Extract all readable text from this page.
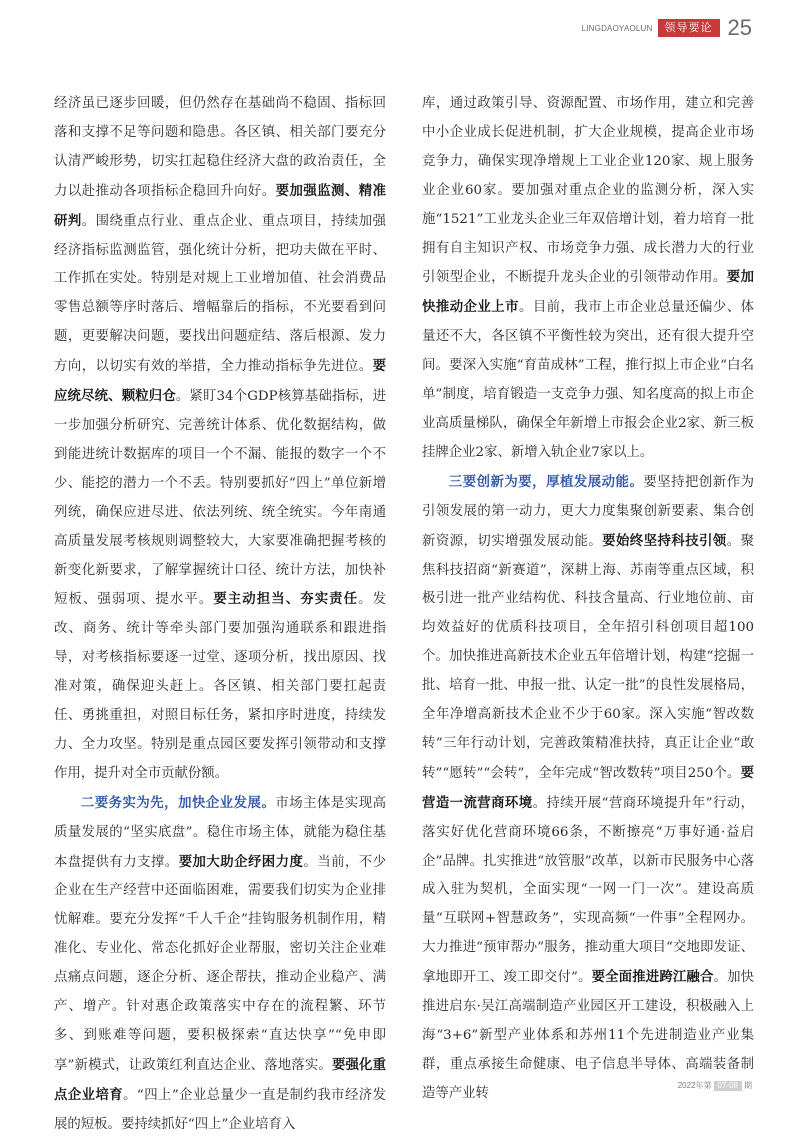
LINGDAOYAOLUN	领导要论 25

经济虽已逐步回暖，但仍然存在基础尚不稳固、指标回落和支撑不足等问题和隐患。各区镇、相关部门要充分认清严峻形势，切实扛起稳住经济大盘的政治责任，全力以赴推动各项指标企稳回升向好。要加强监测、精准研判。围绕重点行业、重点企业、重点项目，持续加强经济指标监测监管，强化统计分析，把功夫做在平时、工作抓在实处。特别是对规上工业增加值、社会消费品零售总额等序时落后、增幅靠后的指标，不光要看到问题，更要解决问题，要找出问题症结、落后根源、发力方向，以切实有效的举措，全力推动指标争先进位。要应统尽统、颗粒归仓。紧盯34个GDP核算基础指标，进一步加强分析研究、完善统计体系、优化数据结构，做到能进统计数据库的项目一个不漏、能报的数字一个不少、能挖的潜力一个不丢。特别要抓好“四上”单位新增列统，确保应进尽进、依法列统、统全统实。今年南通高质量发展考核规则调整较大，大家要准确把握考核的新变化新要求，了解掌握统计口径、统计方法，加快补短板、强弱项、提水平。要主动担当、夯实责任。发改、商务、统计等牵头部门要加强沟通联系和跟进指导，对考核指标要逐一过堂、逐项分析，找出原因、找准对策，确保迎头赶上。各区镇、相关部门要扛起责任、勇挑重担，对照目标任务，紧扣序时进度，持续发力、全力攻坚。特别是重点园区要发挥引领带动和支撑作用，提升对全市贡献份额。

二要务实为先，加快企业发展。市场主体是实现高质量发展的“坚实底盘”。稳住市场主体，就能为稳住基本盘提供有力支撑。要加大助企纾困力度。当前，不少企业在生产经营中还面临困难，需要我们切实为企业排忧解难。要充分发挥“千人千企”挂钩服务机制作用，精准化、专业化、常态化抓好企业帮服，密切关注企业难点痛点问题，逐企分析、逐企帮扶，推动企业稳产、满产、增产。针对惠企政策落实中存在的流程繁、环节多、到账难等问题，要积极探索“直达快享”“免申即享”新模式，让政策红利直达企业、落地落实。要强化重点企业培育。“四上”企业总量少一直是制约我市经济发展的短板。要持续抓好“四上”企业培育入

库，通过政策引导、资源配置、市场作用，建立和完善中小企业成长促进机制，扩大企业规模，提高企业市场竞争力，确保实现净增规上工业企业120家、规上服务业企业60家。要加强对重点企业的监测分析，深入实施“1521”工业龙头企业三年双倍增计划，着力培育一批拥有自主知识产权、市场竞争力强、成长潜力大的行业引领型企业，不断提升龙头企业的引领带动作用。要加快推动企业上市。目前，我市上市企业总量还偏少、体量还不大，各区镇不平衡性较为突出，还有很大提升空间。要深入实施“育苗成林”工程，推行拟上市企业“白名单”制度，培育锻造一支竞争力强、知名度高的拟上市企业高质量梯队，确保全年新增上市报会企业2家、新三板挂牌企业2家、新增入轨企业7家以上。

三要创新为要，厚植发展动能。要坚持把创新作为引领发展的第一动力，更大力度集聚创新要素、集合创新资源，切实增强发展动能。要始终坚持科技引领。聚焦科技招商“新赛道”，深耕上海、苏南等重点区域，积极引进一批产业结构优、科技含量高、行业地位前、亩均效益好的优质科技项目，全年招引科创项目超100个。加快推进高新技术企业五年倍增计划，构建“挖掘一批、培育一批、申报一批、认定一批”的良性发展格局，全年净增高新技术企业不少于60家。深入实施“智改数转”三年行动计划，完善政策精准扶持，真正让企业“敢转”“愿转”“会转”，全年完成“智改数转”项目250个。要营造一流营商环境。持续开展“营商环境提升年”行动，落实好优化营商环境66条，不断擦亮“万事好通·益启企”品牌。扎实推进“放管服”改革，以新市民服务中心落成入驻为契机，全面实现“一网一门一次”。建设高质量“互联网+智慧政务”，实现高频“一件事”全程网办。大力推进“预审帮办”服务，推动重大项目“交地即发证、拿地即开工、竣工即交付”。要全面推进跨江融合。加快推进启东·吴江高端制造产业园区开工建设，积极融入上海“3+6”新型产业体系和苏州11个先进制造业产业集群，重点承接生命健康、电子信息半导体、高端装备制造等产业转

2022年 第 07-08 期
